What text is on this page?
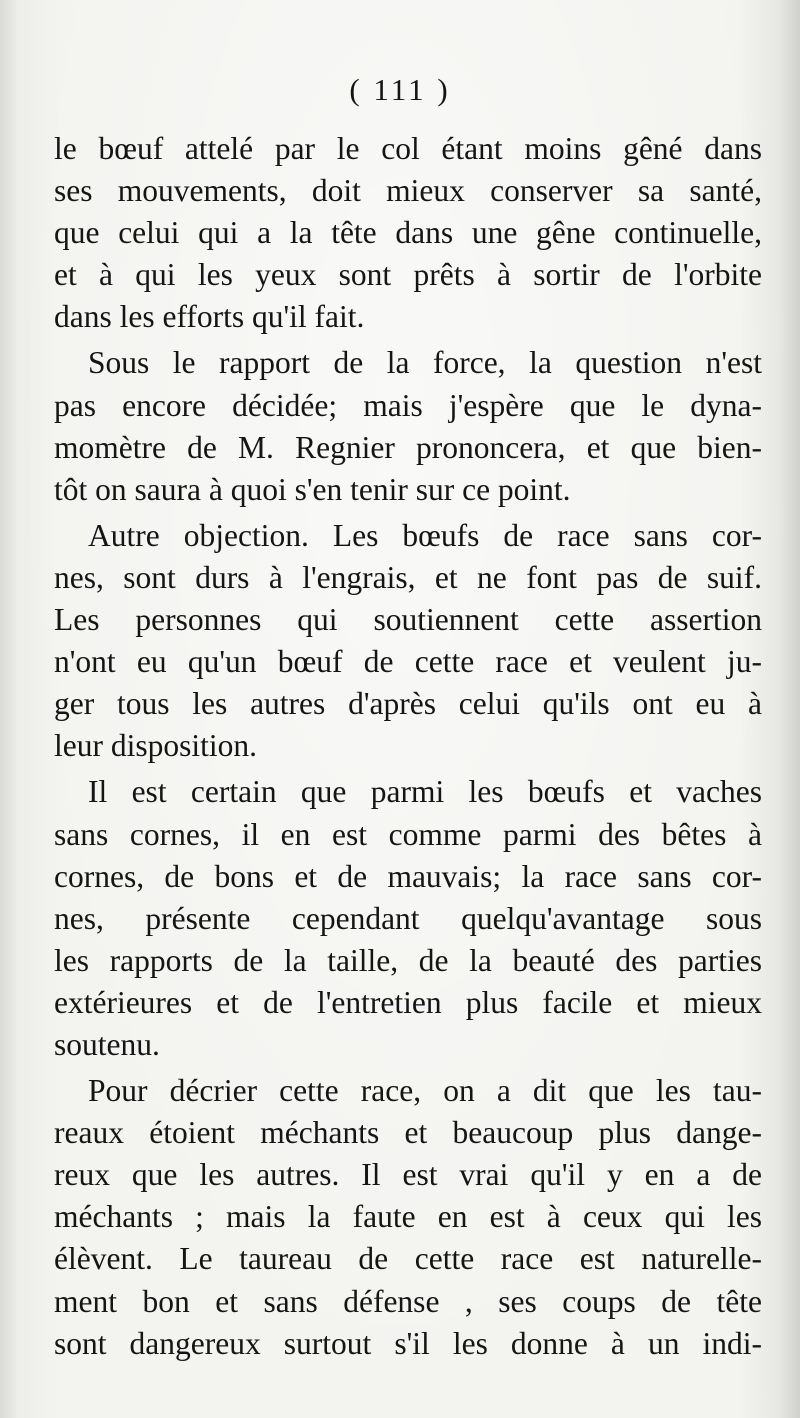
( 111 )
le bœuf attelé par le col étant moins gêné dans
ses mouvements, doit mieux conserver sa santé,
que celui qui a la tête dans une gêne continuelle,
et à qui les yeux sont prêts à sortir de l'orbite
dans les efforts qu'il fait.
Sous le rapport de la force, la question n'est
pas encore décidée; mais j'espère que le dyna-
momètre de M. Regnier prononcera, et que bien-
tôt on saura à quoi s'en tenir sur ce point.
Autre objection. Les bœufs de race sans cor-
nes, sont durs à l'engrais, et ne font pas de suif.
Les personnes qui soutiennent cette assertion
n'ont eu qu'un bœuf de cette race et veulent ju-
ger tous les autres d'après celui qu'ils ont eu à
leur disposition.
Il est certain que parmi les bœufs et vaches
sans cornes, il en est comme parmi des bêtes à
cornes, de bons et de mauvais; la race sans cor-
nes, présente cependant quelqu'avantage sous
les rapports de la taille, de la beauté des parties
extérieures et de l'entretien plus facile et mieux
soutenu.
Pour décrier cette race, on a dit que les tau-
reaux étoient méchants et beaucoup plus dange-
reux que les autres. Il est vrai qu'il y en a de
méchants ; mais la faute en est à ceux qui les
élèvent. Le taureau de cette race est naturelle-
ment bon et sans défense , ses coups de tête
sont dangereux surtout s'il les donne à un indi-
